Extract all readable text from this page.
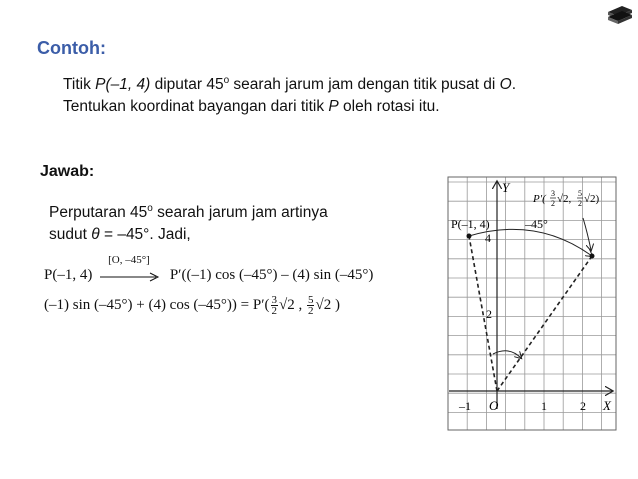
Contoh:
Titik P(–1, 4) diputar 45$^o$ searah jarum jam dengan titik pusat di O. Tentukan koordinat bayangan dari titik P oleh rotasi itu.
Jawab:
Perputaran 45$^o$ searah jarum jam artinya sudut θ = –45°. Jadi,
P(–1, 4)
[O, –45°]
P′((–1) cos (–45°) – (4) sin (–45°)
(–1) sin (–45°) + (4) $\cos (-45^\circ)) = P'( \frac{3}{2} √2$ , $\frac{5}{2} √2$ )
Y
X
P(–1, 4)	–45°
P′( 3
2 √2, 5
2 √2)
4
2
–1 O	1	2
